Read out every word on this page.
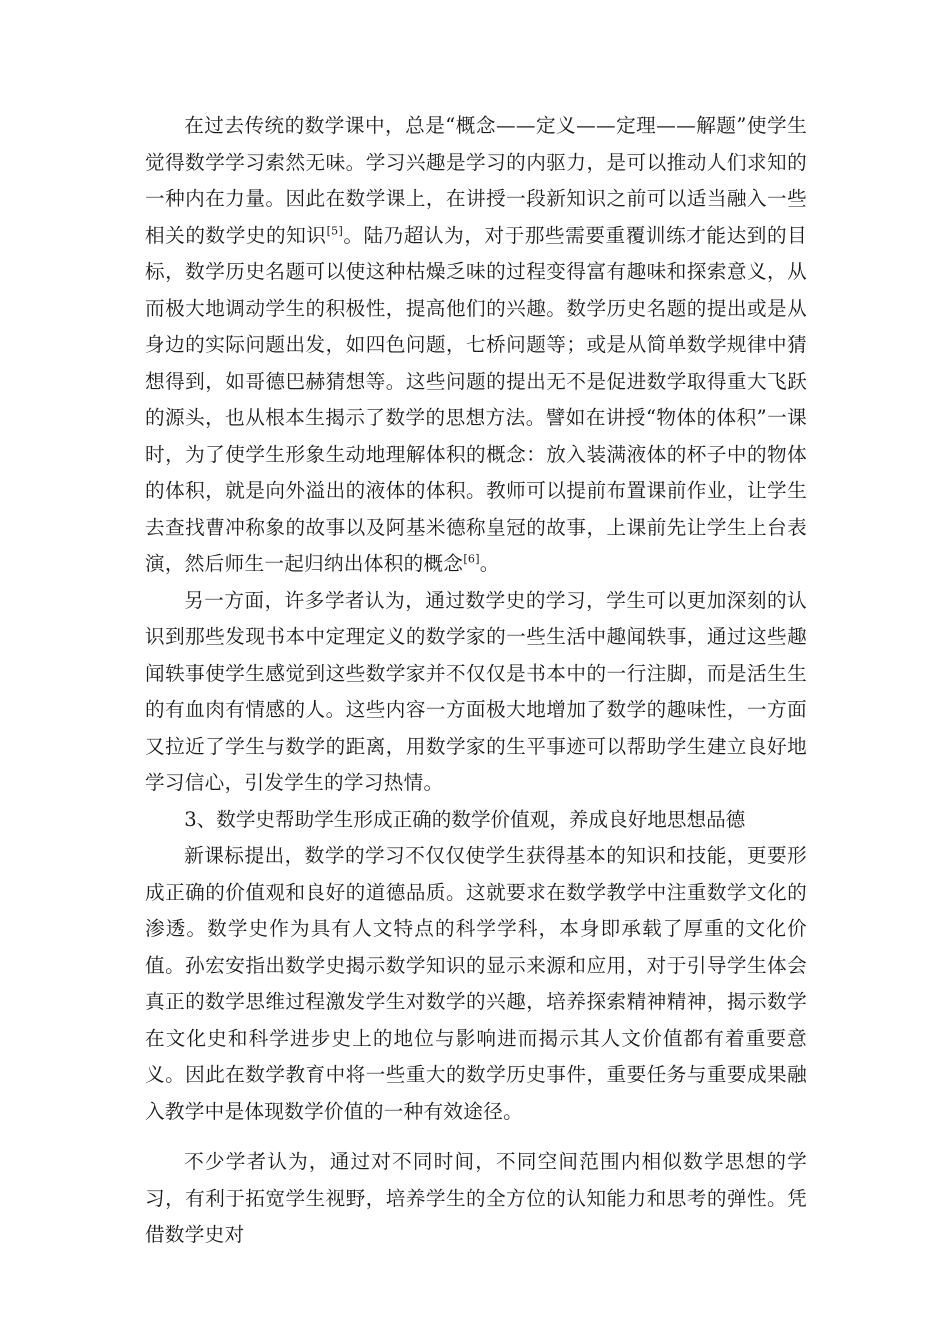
在过去传统的数学课中，总是“概念——定义——定理——解题”使学生觉得数学学习索然无味。学习兴趣是学习的内驱力，是可以推动人们求知的一种内在力量。因此在数学课上，在讲授一段新知识之前可以适当融入一些相关的数学史的知识[5]。陆乃超认为，对于那些需要重覆训练才能达到的目标，数学历史名题可以使这种枯燥乏味的过程变得富有趣味和探索意义，从而极大地调动学生的积极性，提高他们的兴趣。数学历史名题的提出或是从身边的实际问题出发，如四色问题，七桥问题等；或是从简单数学规律中猜想得到，如哥德巴赫猜想等。这些问题的提出无不是促进数学取得重大飞跃的源头，也从根本生揭示了数学的思想方法。譬如在讲授“物体的体积”一课时，为了使学生形象生动地理解体积的概念：放入装满液体的杯子中的物体的体积，就是向外溢出的液体的体积。教师可以提前布置课前作业，让学生去查找曹冲称象的故事以及阿基米德称皇冠的故事，上课前先让学生上台表演，然后师生一起归纳出体积的概念[6]。

另一方面，许多学者认为，通过数学史的学习，学生可以更加深刻的认识到那些发现书本中定理定义的数学家的一些生活中趣闻轶事，通过这些趣闻轶事使学生感觉到这些数学家并不仅仅是书本中的一行注脚，而是活生生的有血肉有情感的人。这些内容一方面极大地增加了数学的趣味性，一方面又拉近了学生与数学的距离，用数学家的生平事迹可以帮助学生建立良好地学习信心，引发学生的学习热情。

3、数学史帮助学生形成正确的数学价值观，养成良好地思想品德

新课标提出，数学的学习不仅仅使学生获得基本的知识和技能，更要形成正确的价值观和良好的道德品质。这就要求在数学教学中注重数学文化的渗透。数学史作为具有人文特点的科学学科，本身即承载了厚重的文化价值。孙宏安指出数学史揭示数学知识的显示来源和应用，对于引导学生体会真正的数学思维过程激发学生对数学的兴趣，培养探索精神精神，揭示数学在文化史和科学进步史上的地位与影响进而揭示其人文价值都有着重要意义。因此在数学教育中将一些重大的数学历史事件，重要任务与重要成果融入教学中是体现数学价值的一种有效途径。

不少学者认为，通过对不同时间，不同空间范围内相似数学思想的学习，有利于拓宽学生视野，培养学生的全方位的认知能力和思考的弹性。凭借数学史对
